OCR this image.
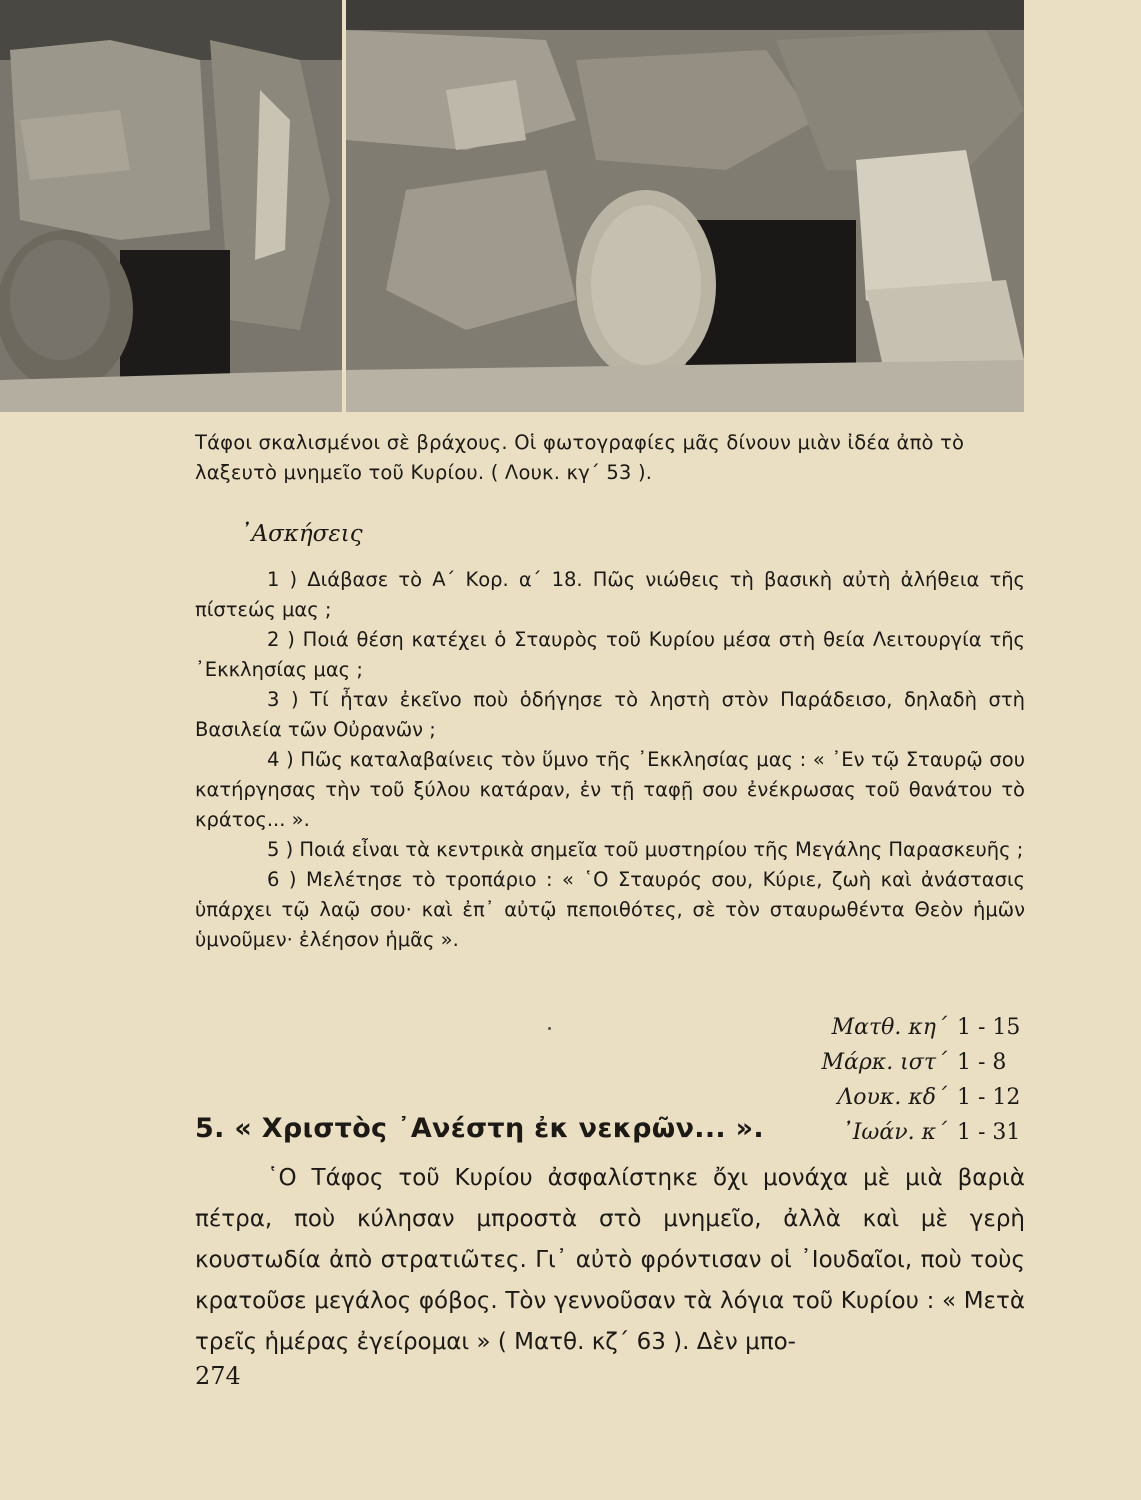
Τάφοι σκαλισμένοι σὲ βράχους. Οἱ φωτογραφίες μᾶς δίνουν μιὰν ἰδέα ἀπὸ τὸ λαξευτὸ μνημεῖο τοῦ Κυρίου. ( Λουκ. κγ΄ 53 ).
᾿Ασκήσεις

1 ) Διάβασε τὸ Α΄ Κορ. α΄ 18. Πῶς νιώθεις τὴ βασικὴ αὐτὴ ἀλήθεια τῆς πίστεώς μας ;

2 ) Ποιά θέση κατέχει ὁ Σταυρὸς τοῦ Κυρίου μέσα στὴ θεία Λειτουργία τῆς ᾿Εκκλησίας μας ;

3 ) Τί ἦταν ἐκεῖνο ποὺ ὁδήγησε τὸ ληστὴ στὸν Παράδεισο, δηλαδὴ στὴ Βασιλεία τῶν Οὐρανῶν ;

4 ) Πῶς καταλαβαίνεις τὸν ὕμνο τῆς ᾿Εκκλησίας μας : « ᾿Εν τῷ Σταυρῷ σου κατήργησας τὴν τοῦ ξύλου κατάραν, ἐν τῇ ταφῇ σου ἐνέκρωσας τοῦ θανάτου τὸ κράτος... ».

5 ) Ποιά εἶναι τὰ κεντρικὰ σημεῖα τοῦ μυστηρίου τῆς Μεγάλης Παρασκευῆς ;

6 ) Μελέτησε τὸ τροπάριο : « ῾Ο Σταυρός σου, Κύριε, ζωὴ καὶ ἀνάστασις ὑπάρχει τῷ λαῷ σου· καὶ ἐπ᾿ αὐτῷ πεποιθότες, σὲ τὸν σταυρωθέντα Θεὸν ἡμῶν ὑμνοῦμεν· ἐλέησον ἡμᾶς ».

Ματθ. κη΄ 1 - 15
Μάρκ. ιστ΄ 1 - 8
Λουκ. κδ΄ 1 - 12
᾿Ιωάν. κ΄ 1 - 31
5. « Χριστὸς ᾿Ανέστη ἐκ νεκρῶν... ».

῾Ο Τάφος τοῦ Κυρίου ἀσφαλίστηκε ὄχι μονάχα μὲ μιὰ βαριὰ πέτρα, ποὺ κύλησαν μπροστὰ στὸ μνημεῖο, ἀλλὰ καὶ μὲ γερὴ κουστωδία ἀπὸ στρατιῶτες. Γι᾿ αὐτὸ φρόντισαν οἱ ᾿Ιουδαῖοι, ποὺ τοὺς κρατοῦσε μεγάλος φόβος. Τὸν γεννοῦσαν τὰ λόγια τοῦ Κυρίου : « Μετὰ τρεῖς ἡμέρας ἐγείρομαι » ( Ματθ. κζ΄ 63 ). Δὲν μπο-

274
